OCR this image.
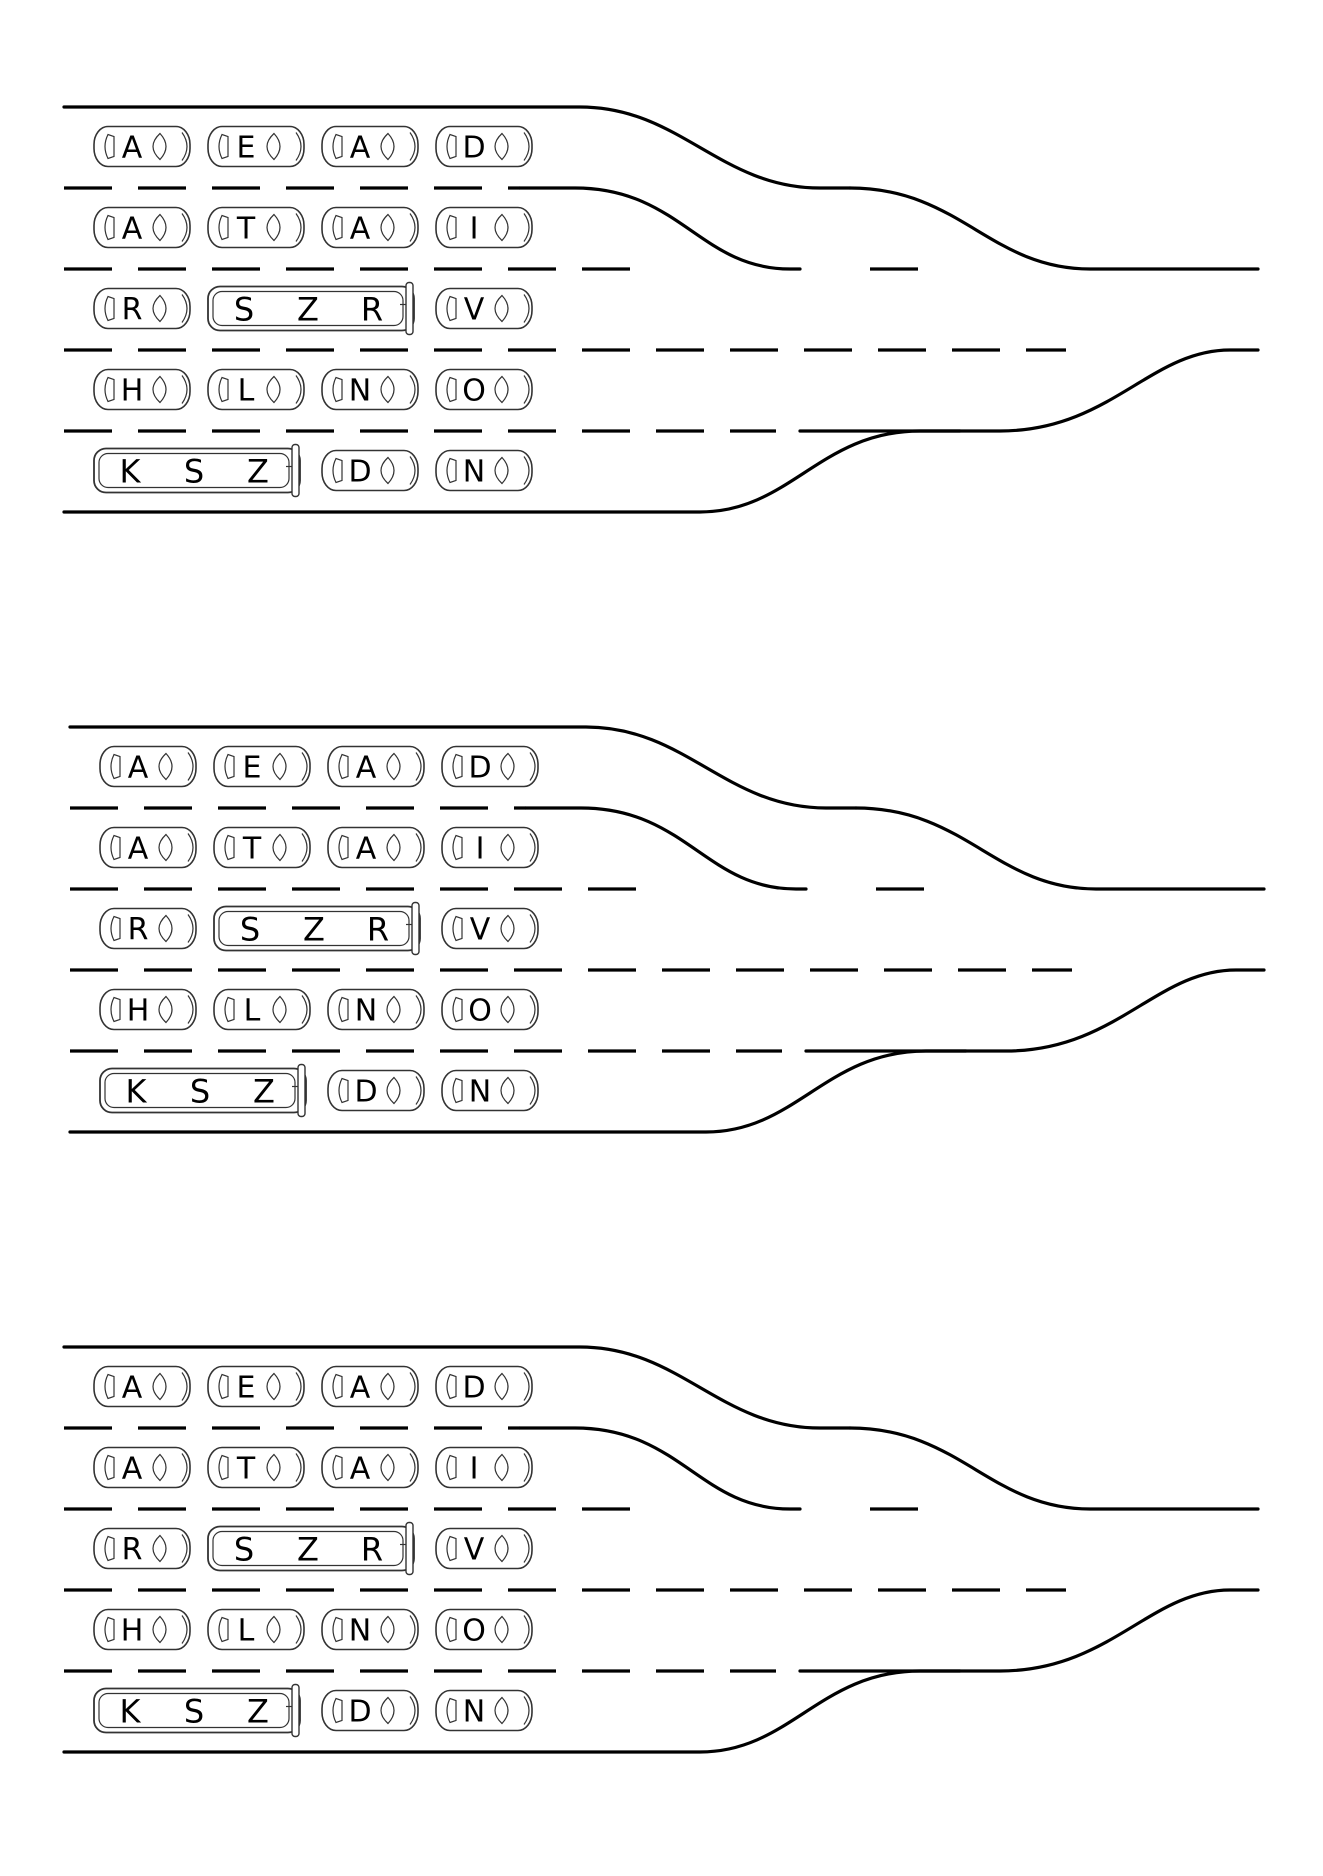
A	E	A	D
A	T	A	I
R	S Z R	V
H	L	N	O
K S Z	D	N
A	E	A	D
A	T	A	I
R	S Z R	V
H	L	N	O
K S Z	D	N
A	E	A	D
A	T	A	I
R	S Z R	V
H	L	N	O
K S Z	D	N
